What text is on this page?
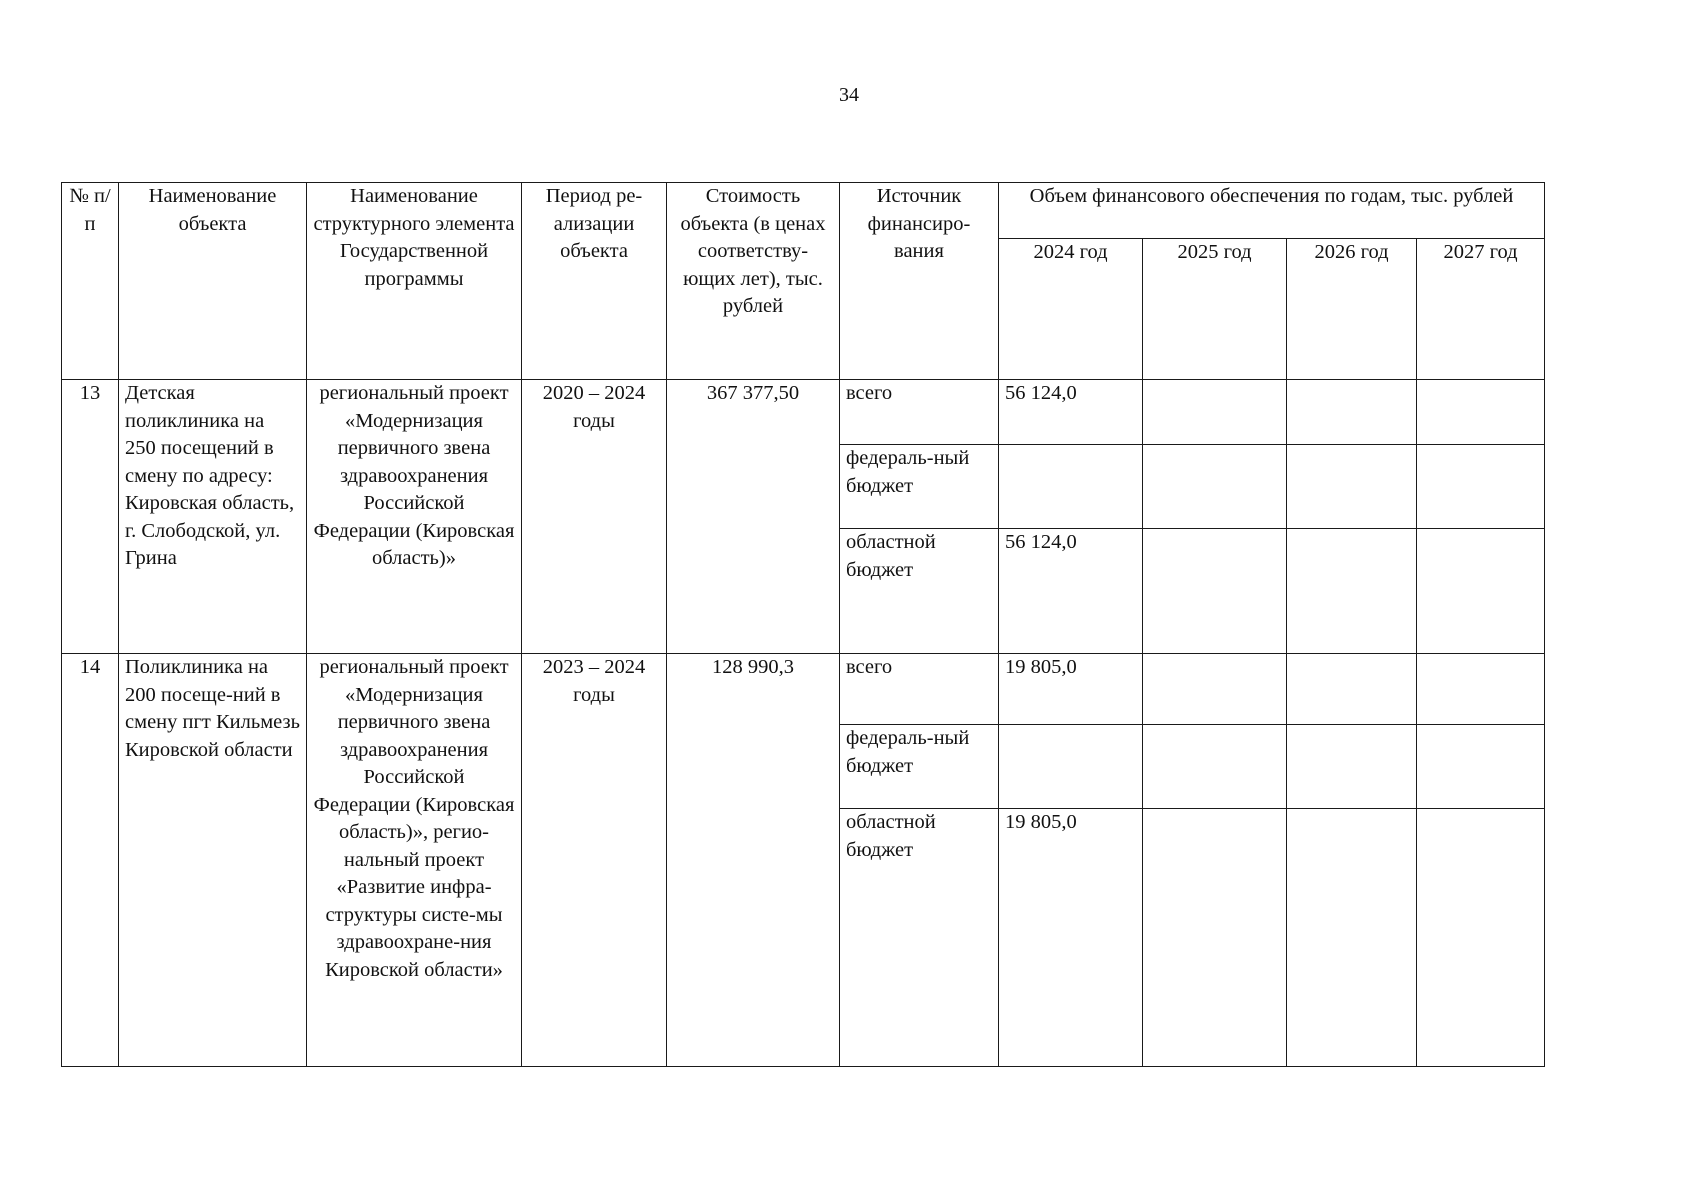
34
№ п/п	Наименование объекта	Наименование структурного элемента Государственной программы	Период ре-ализации объекта	Стоимость объекта (в ценах соответству-ющих лет), тыс. рублей	Источник финансиро-вания	Объем финансового обеспечения по годам, тыс. рублей			
						2024 год	2025 год	2026 год	2027 год
13	Детская поликлиника на 250 посещений в смену по адресу: Кировская область, г. Слободской, ул. Грина	региональный проект «Модернизация первичного звена здравоохранения Российской Федерации (Кировская область)»	2020 – 2024 годы	367 377,50	всего	56 124,0			
					федераль-ный бюджет				
					областной бюджет	56 124,0			
14	Поликлиника на 200 посеще-ний в смену пгт Кильмезь Кировской области	региональный проект «Модернизация первичного звена здравоохранения Российской Федерации (Кировская область)», регио-нальный проект «Развитие инфра-структуры систе-мы здравоохране-ния Кировской области»	2023 – 2024 годы	128 990,3	всего	19 805,0			
					федераль-ный бюджет				
					областной бюджет	19 805,0			
